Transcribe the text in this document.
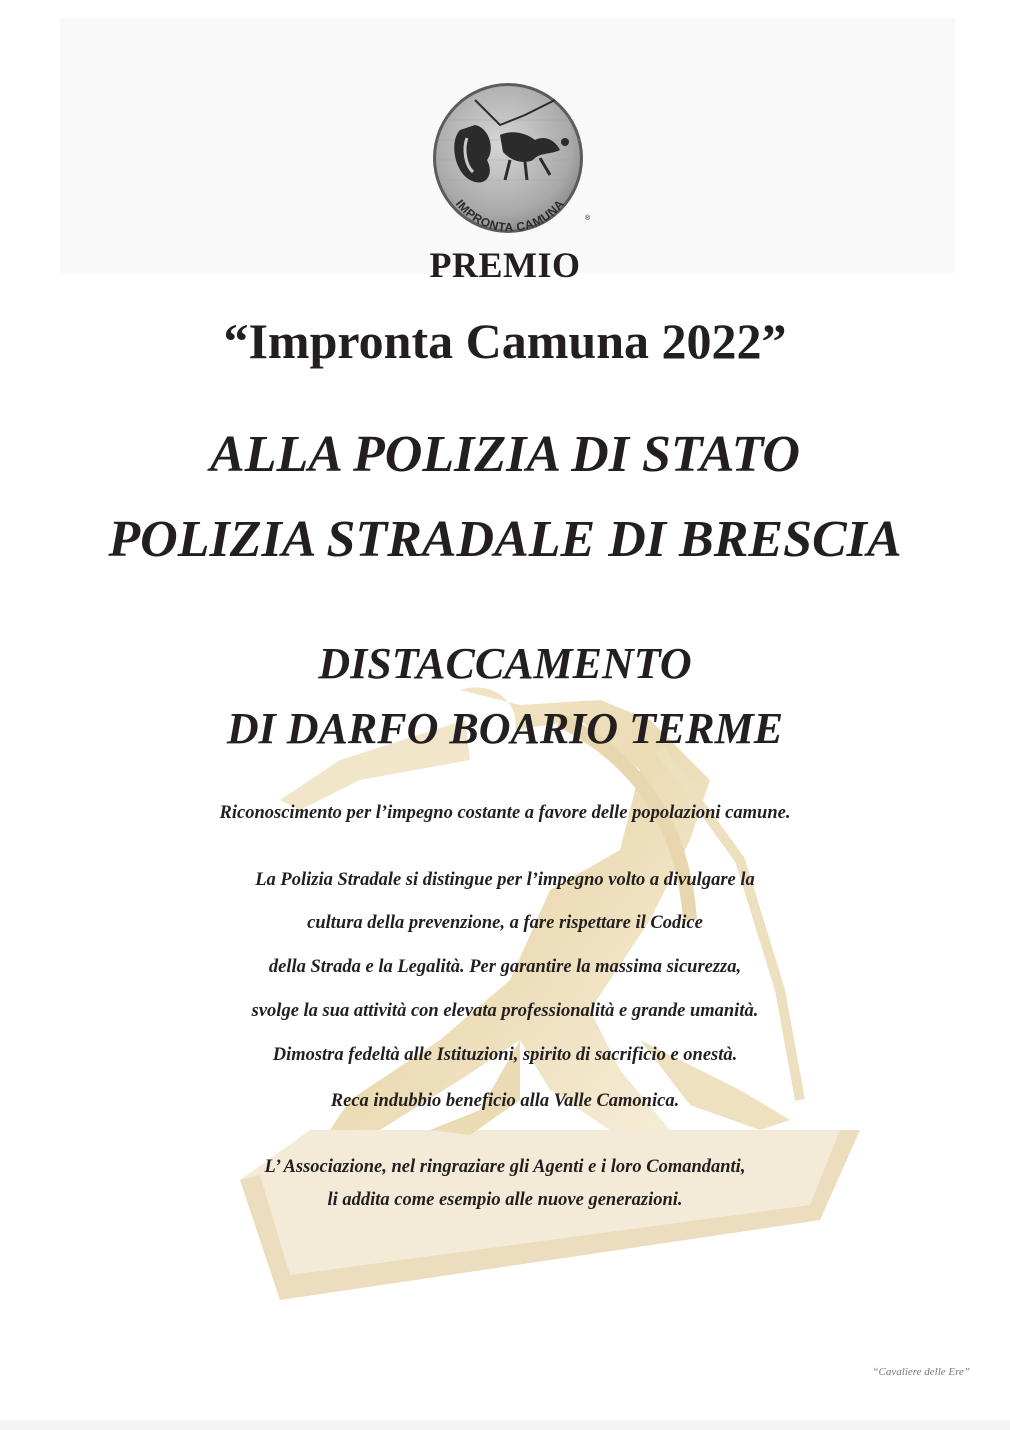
IMPRONTA CAMUNA
®
PREMIO
“Impronta Camuna 2022”
ALLA POLIZIA DI STATO
POLIZIA STRADALE DI BRESCIA
DISTACCAMENTO
DI DARFO BOARIO TERME
Riconoscimento per l’impegno costante a favore delle popolazioni camune.
La Polizia Stradale si distingue per l’impegno volto a divulgare la
cultura della prevenzione, a fare rispettare il Codice
della Strada e la Legalità. Per garantire la massima sicurezza,
svolge la sua attività con elevata professionalità e grande umanità.
Dimostra fedeltà alle Istituzioni, spirito di sacrificio e onestà.
Reca indubbio beneficio alla Valle Camonica.
L’ Associazione, nel ringraziare gli Agenti e i loro Comandanti,
li addita come esempio alle nuove generazioni.
“Cavaliere delle Ere”
